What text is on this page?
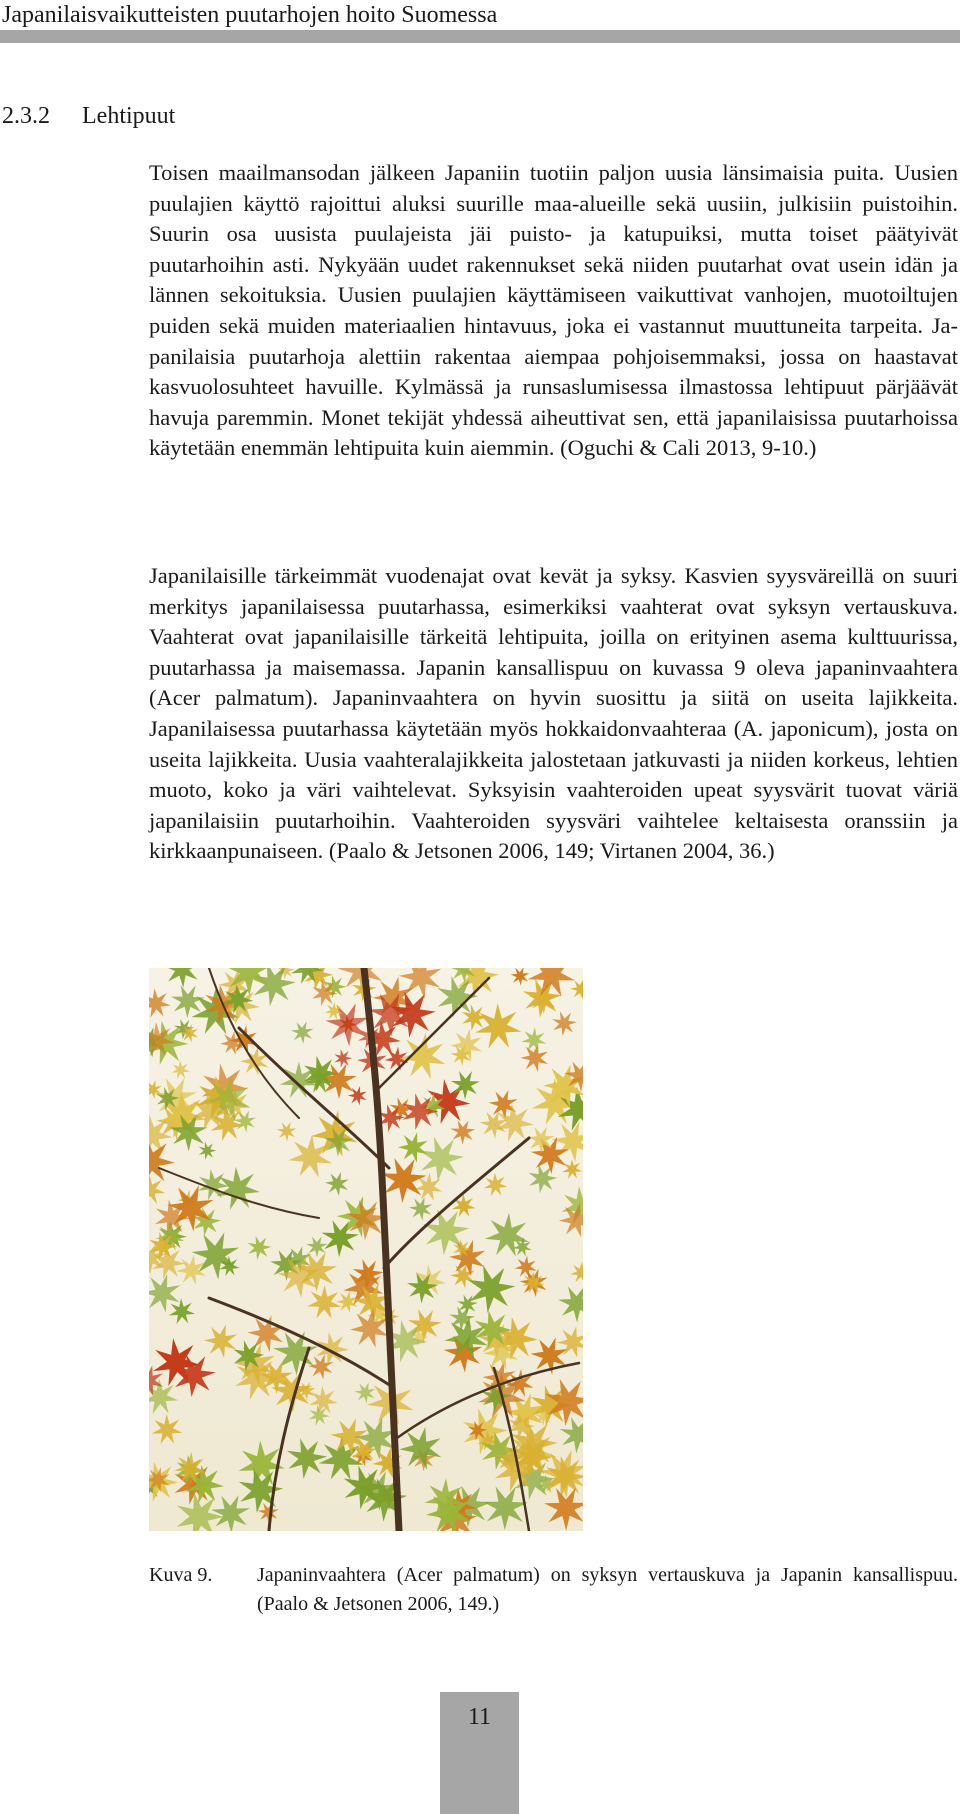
Japanilaisvaikutteisten puutarhojen hoito Suomessa
2.3.2 Lehtipuut

Toisen maailmansodan jälkeen Japaniin tuotiin paljon uusia länsimaisia puita. Uusien puulajien käyttö rajoittui aluksi suurille maa-alueille sekä uusiin, julkisiin puistoihin. Suurin osa uusista puulajeista jäi puisto- ja katupuiksi, mutta toiset päätyivät puutarhoihin asti. Nykyään uudet rakennukset sekä niiden puutarhat ovat usein idän ja lännen sekoituksia. Uusien puulajien käyttämiseen vaikuttivat vanhojen, muotoiltujen puiden sekä muiden materiaalien hintavuus, joka ei vastannut muuttuneita tarpeita. Japanilaisia puutarhoja alettiin rakentaa aiempaa pohjoisemmaksi, jossa on haastavat kasvuolosuhteet havuille. Kylmässä ja runsaslumisessa ilmastossa lehtipuut pärjäävät havuja paremmin. Monet tekijät yhdessä aiheuttivat sen, että japanilaisissa puutarhoissa käytetään enemmän lehtipuita kuin aiemmin. (Oguchi & Cali 2013, 9-10.)

Japanilaisille tärkeimmät vuodenajat ovat kevät ja syksy. Kasvien syysväreillä on suuri merkitys japanilaisessa puutarhassa, esimerkiksi vaahterat ovat syksyn vertauskuva. Vaahterat ovat japanilaisille tärkeitä lehtipuita, joilla on erityinen asema kulttuurissa, puutarhassa ja maisemassa. Japanin kansallispuu on kuvassa 9 oleva japaninvaahtera (Acer palmatum). Japaninvaahtera on hyvin suosittu ja siitä on useita lajikkeita. Japanilaisessa puutarhassa käytetään myös hokkaidonvaahteraa (A. japonicum), josta on useita lajikkeita. Uusia vaahteralajikkeita jalostetaan jatkuvasti ja niiden korkeus, lehtien muoto, koko ja väri vaihtelevat. Syksyisin vaahteroiden upeat syysvärit tuovat väriä japanilaisiin puutarhoihin. Vaahteroiden syysväri vaihtelee keltaisesta oranssiin ja kirkkaanpunaiseen. (Paalo & Jetsonen 2006, 149; Virtanen 2004, 36.)

Kuva 9. Japaninvaahtera (Acer palmatum) on syksyn vertauskuva ja Japanin kansallispuu. (Paalo & Jetsonen 2006, 149.)

11
